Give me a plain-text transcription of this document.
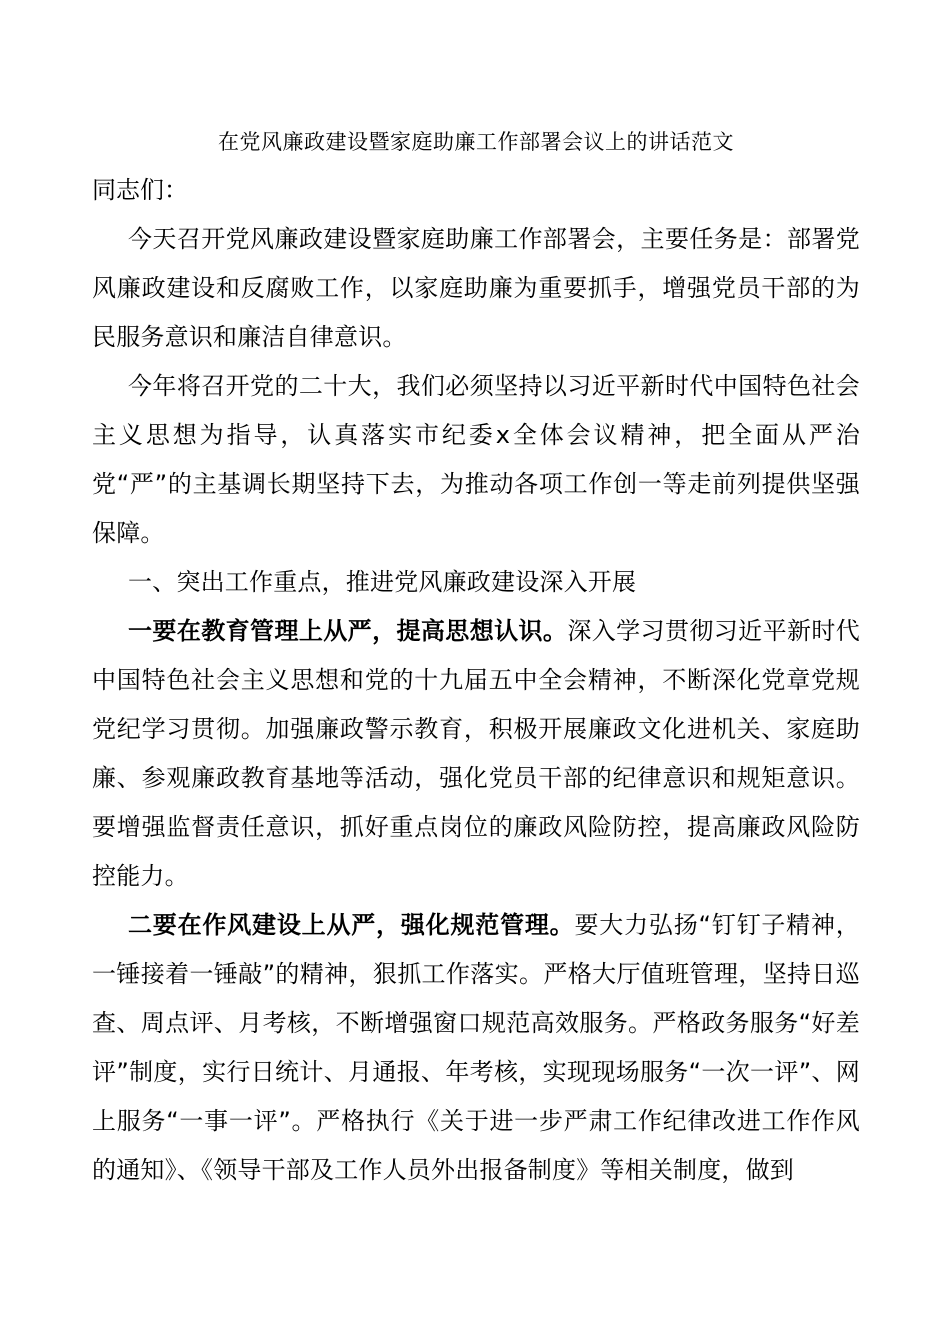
在党风廉政建设暨家庭助廉工作部署会议上的讲话范文

同志们：

今天召开党风廉政建设暨家庭助廉工作部署会，主要任务是：部署党风廉政建设和反腐败工作，以家庭助廉为重要抓手，增强党员干部的为民服务意识和廉洁自律意识。

今年将召开党的二十大，我们必须坚持以习近平新时代中国特色社会主义思想为指导，认真落实市纪委x全体会议精神，把全面从严治党“严”的主基调长期坚持下去，为推动各项工作创一等走前列提供坚强保障。

一、突出工作重点，推进党风廉政建设深入开展

一要在教育管理上从严，提高思想认识。深入学习贯彻习近平新时代中国特色社会主义思想和党的十九届五中全会精神，不断深化党章党规党纪学习贯彻。加强廉政警示教育，积极开展廉政文化进机关、家庭助廉、参观廉政教育基地等活动，强化党员干部的纪律意识和规矩意识。要增强监督责任意识，抓好重点岗位的廉政风险防控，提高廉政风险防控能力。

二要在作风建设上从严，强化规范管理。要大力弘扬“钉钉子精神，一锤接着一锤敲”的精神，狠抓工作落实。严格大厅值班管理，坚持日巡查、周点评、月考核，不断增强窗口规范高效服务。严格政务服务“好差评”制度，实行日统计、月通报、年考核，实现现场服务“一次一评”、网上服务“一事一评”。严格执行《关于进一步严肃工作纪律改进工作作风的通知》、《领导干部及工作人员外出报备制度》等相关制度，做到
